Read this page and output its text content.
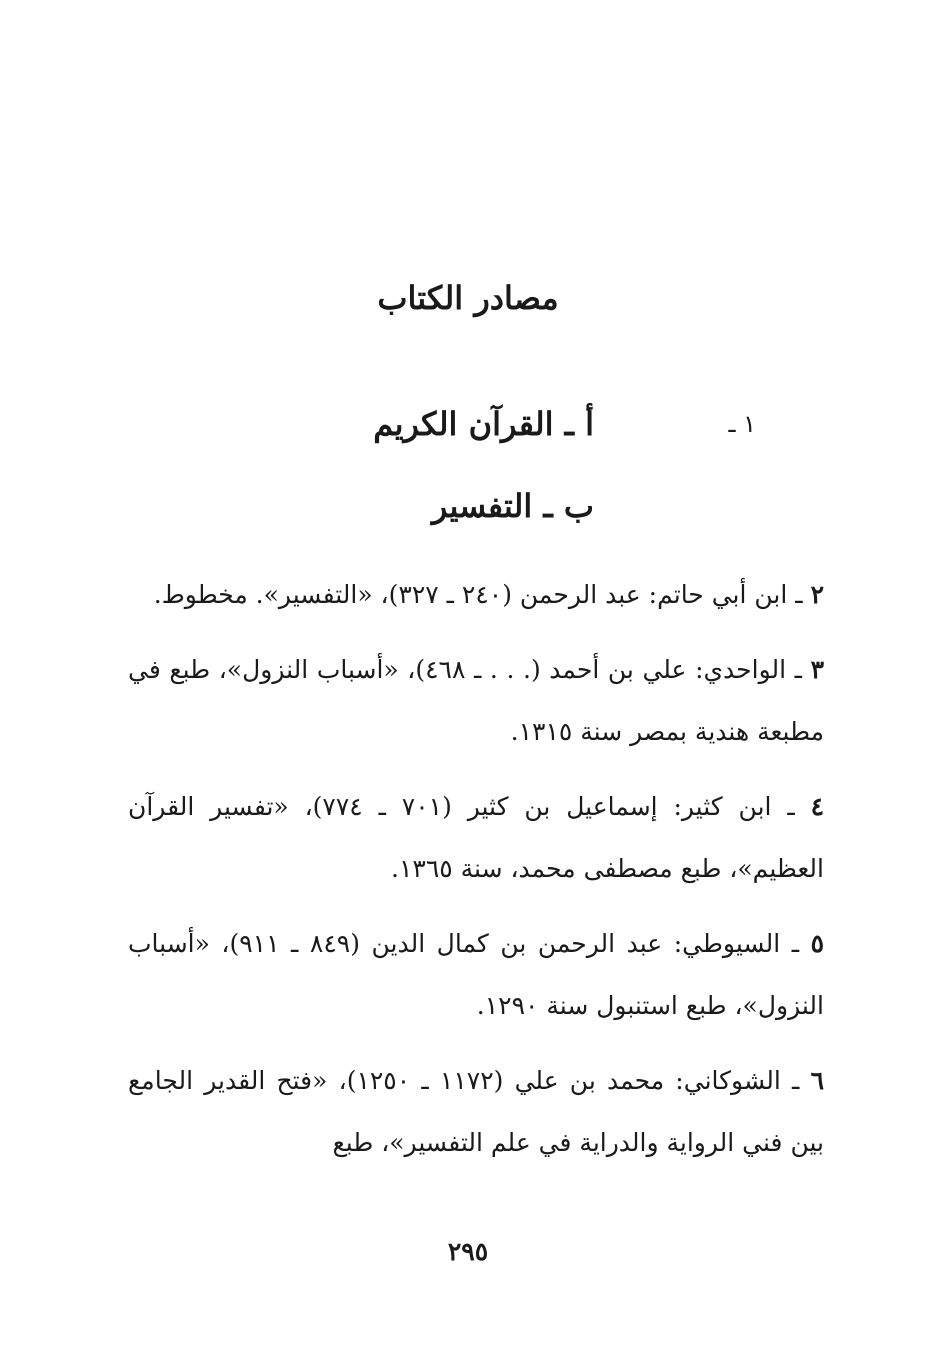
مصادر الكتاب
أ ـ القرآن الكريم	١ ـ
ب ـ التفسير

٢ ـ ابن أبي حاتم: عبد الرحمن (٢٤٠ ـ ٣٢٧)، «التفسير». مخطوط.

٣ ـ الواحدي: علي بن أحمد (. . . ـ ٤٦٨)، «أسباب النزول»، طبع في مطبعة هندية بمصر سنة ١٣١٥.

٤ ـ ابن كثير: إسماعيل بن كثير (٧٠١ ـ ٧٧٤)، «تفسير القرآن العظيم»، طبع مصطفى محمد، سنة ١٣٦٥.

٥ ـ السيوطي: عبد الرحمن بن كمال الدين (٨٤٩ ـ ٩١١)، «أسباب النزول»، طبع استنبول سنة ١٢٩٠.

٦ ـ الشوكاني: محمد بن علي (١١٧٢ ـ ١٢٥٠)، «فتح القدير الجامع بين فني الرواية والدراية في علم التفسير»، طبع

٢٩٥
